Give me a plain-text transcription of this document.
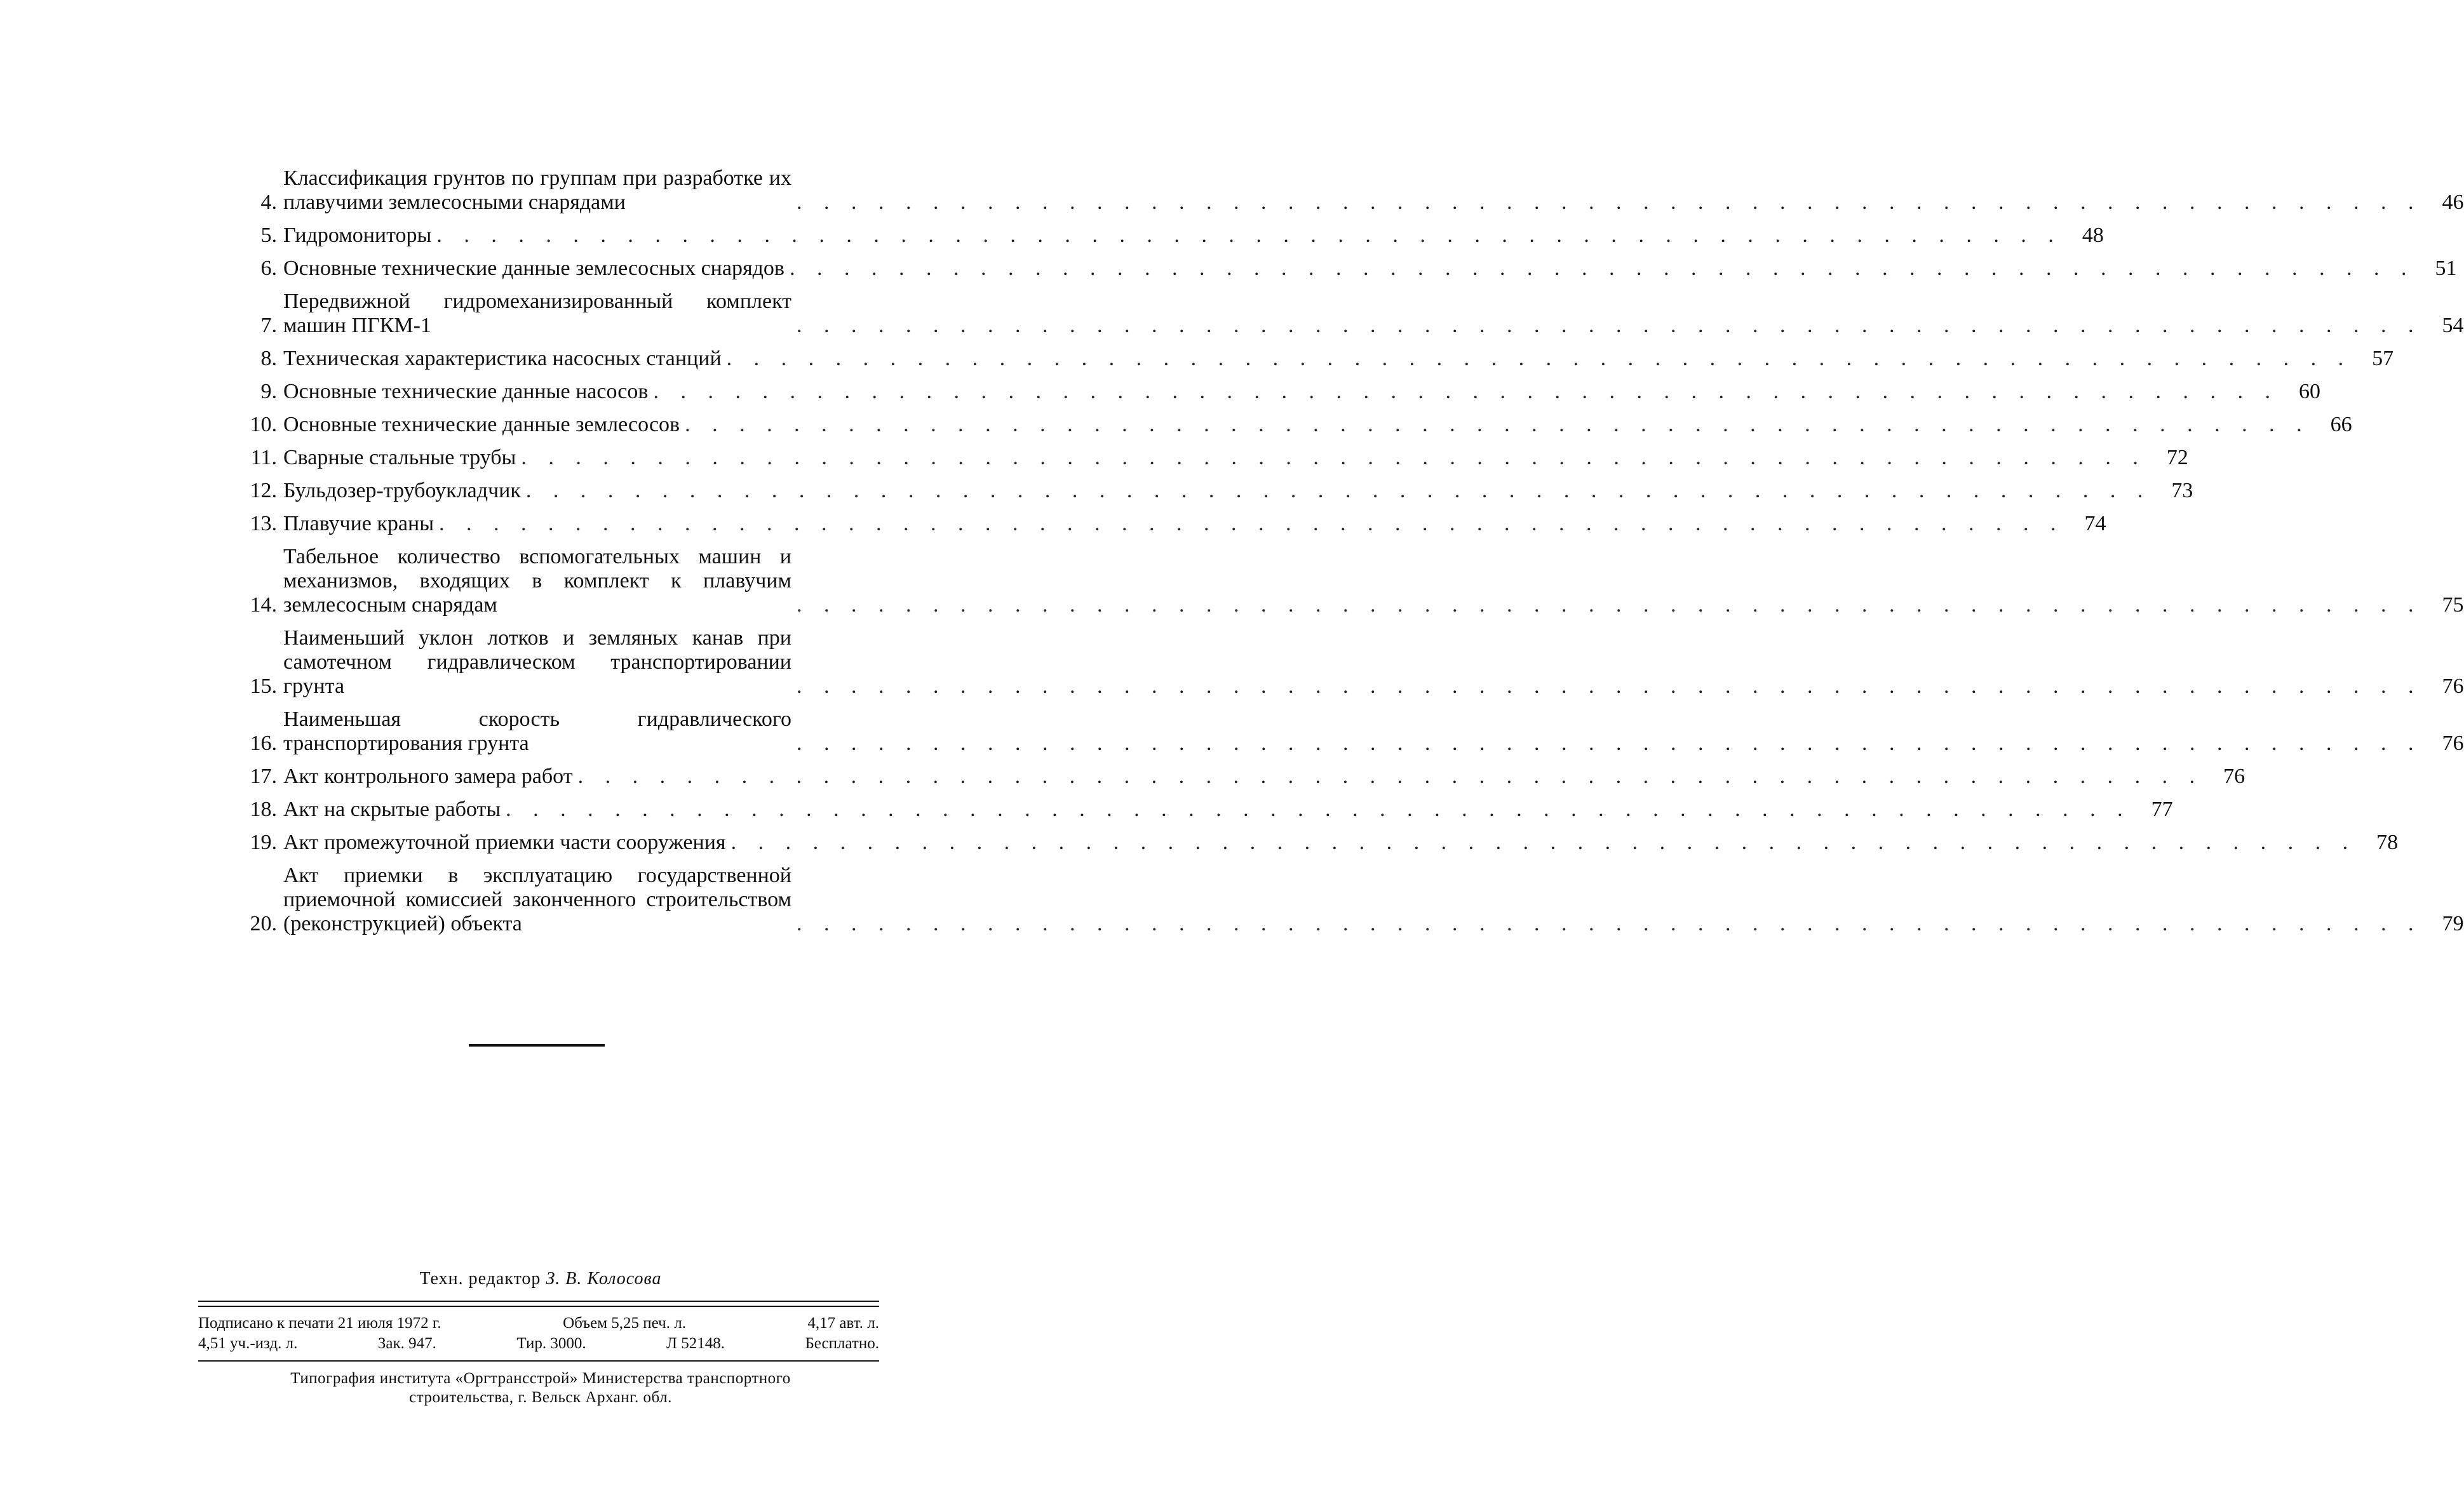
4.
Классификация грунтов по группам при разработке их плавучими землесосными снарядами . . .	46
5. Гидромониторы . . .	48
6. Основные технические данные землесосных снарядов . . .	51
7.
Передвижной гидромеханизированный комплект машин ПГКМ-1 . . .	54
8. Техническая характеристика насосных станций . . .	57
9. Основные технические данные насосов . . .	60
10. Основные технические данные землесосов . . .	66
11. Сварные стальные трубы . . .	72
12. Бульдозер-трубоукладчик . . .	73
13. Плавучие краны . . .	74
14.
Табельное количество вспомогательных машин и механизмов, входящих в комплект к плавучим землесосным снарядам . . .	75
15.
Наименьший уклон лотков и земляных канав при самотечном гидравлическом транспортировании грунта . . .	76
16.
Наименьшая скорость гидравлического транспортирования грунта . . .	76
17. Акт контрольного замера работ . . .	76
18. Акт на скрытые работы . . .	77
19. Акт промежуточной приемки части сооружения . . .	78
20.
Акт приемки в эксплуатацию государственной приемочной комиссией законченного строительством (реконструкцией) объекта . . .	79
Техн. редактор З. В. Колосова
Подписано к печати 21 июля 1972 г.	Объем 5,25 печ. л.	4,17 авт. л.
4,51 уч.-изд. л.	Зак. 947.	Тир. 3000.	Л 52148.	Бесплатно.
Типография института «Оргтрансстрой» Министерства транспортного
строительства, г. Вельск Арханг. обл.
